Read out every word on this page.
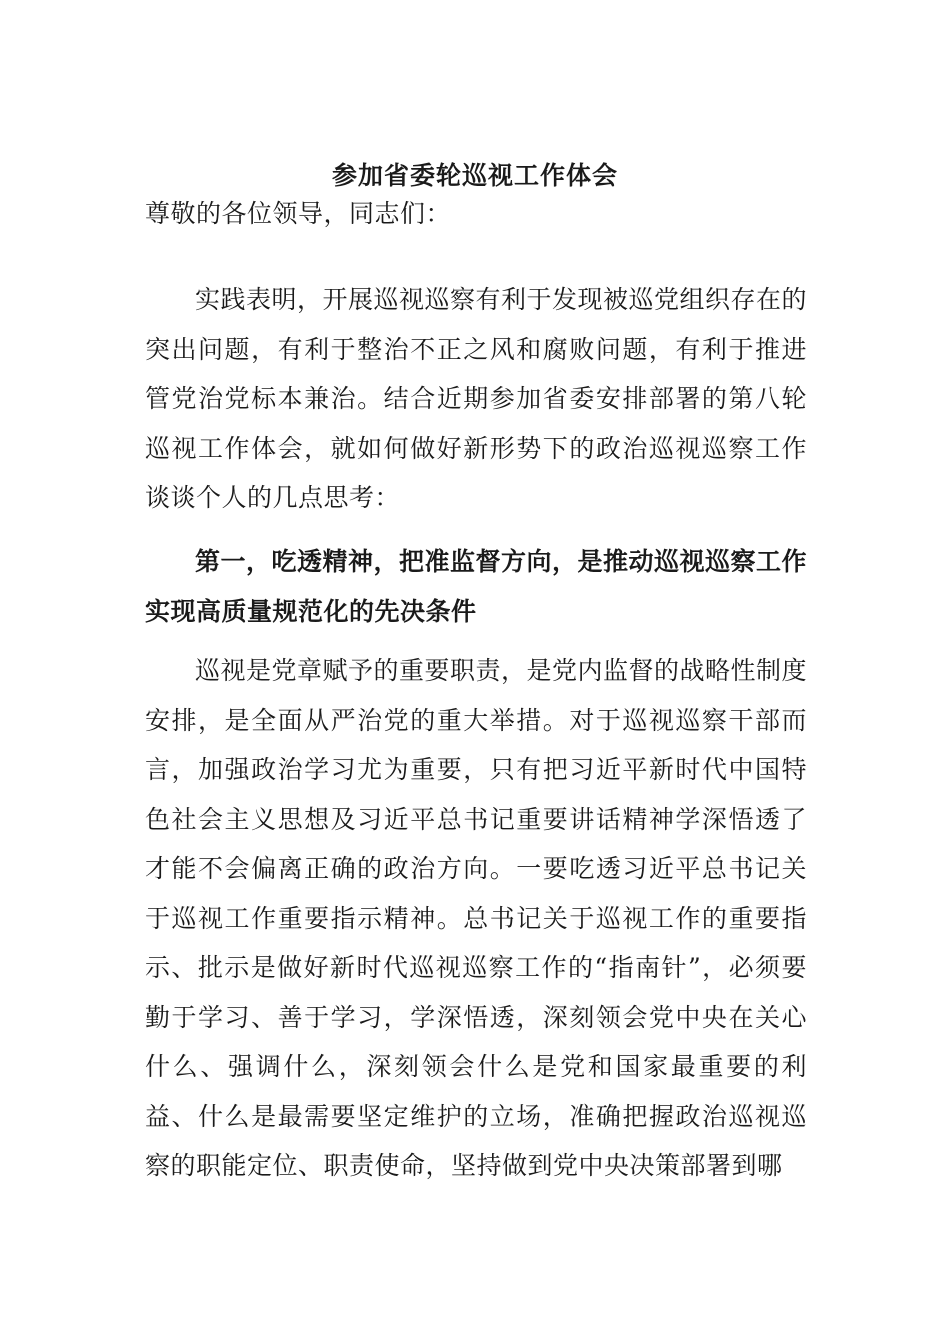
参加省委轮巡视工作体会

尊敬的各位领导，同志们：

实践表明，开展巡视巡察有利于发现被巡党组织存在的突出问题，有利于整治不正之风和腐败问题，有利于推进管党治党标本兼治。结合近期参加省委安排部署的第八轮巡视工作体会，就如何做好新形势下的政治巡视巡察工作谈谈个人的几点思考：

第一，吃透精神，把准监督方向，是推动巡视巡察工作实现高质量规范化的先决条件

巡视是党章赋予的重要职责，是党内监督的战略性制度安排，是全面从严治党的重大举措。对于巡视巡察干部而言，加强政治学习尤为重要，只有把习近平新时代中国特色社会主义思想及习近平总书记重要讲话精神学深悟透了才能不会偏离正确的政治方向。一要吃透习近平总书记关于巡视工作重要指示精神。总书记关于巡视工作的重要指示、批示是做好新时代巡视巡察工作的“指南针”，必须要勤于学习、善于学习，学深悟透，深刻领会党中央在关心什么、强调什么，深刻领会什么是党和国家最重要的利益、什么是最需要坚定维护的立场，准确把握政治巡视巡察的职能定位、职责使命，坚持做到党中央决策部署到哪
